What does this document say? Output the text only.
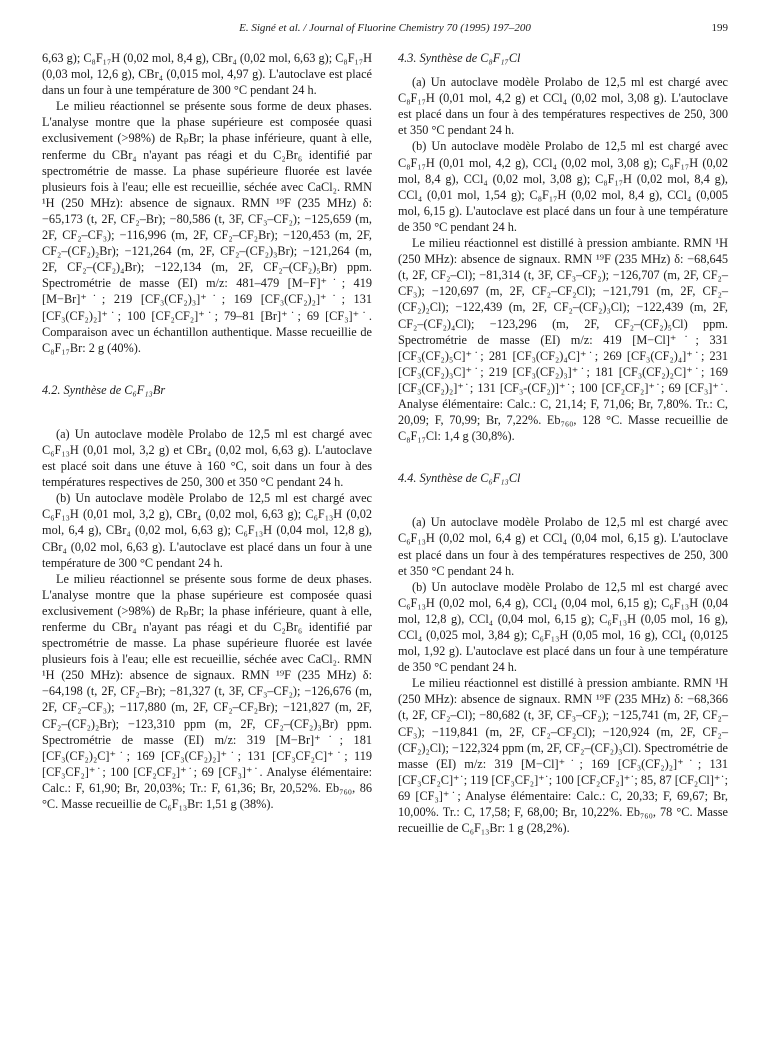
E. Signé et al. / Journal of Fluorine Chemistry 70 (1995) 197–200	199

6,63 g); C₈F₁₇H (0,02 mol, 8,4 g), CBr₄ (0,02 mol, 6,63 g); C₈F₁₇H (0,03 mol, 12,6 g), CBr₄ (0,015 mol, 4,97 g). L'autoclave est placé dans un four à une température de 300 °C pendant 24 h.

Le milieu réactionnel se présente sous forme de deux phases. L'analyse montre que la phase supérieure est composée quasi exclusivement (>98%) de RₚBr; la phase inférieure, quant à elle, renferme du CBr₄ n'ayant pas réagi et du C₂Br₆ identifié par spectrométrie de masse. La phase supérieure fluorée est lavée plusieurs fois à l'eau; elle est recueillie, séchée avec CaCl₂. RMN ¹H (250 MHz): absence de signaux. RMN ¹⁹F (235 MHz) δ: −65,173 (t, 2F, CF₂–Br); −80,586 (t, 3F, CF₃–CF₂); −125,659 (m, 2F, CF₂–CF₃); −116,996 (m, 2F, CF₂–CF₂Br); −120,453 (m, 2F, CF₂–(CF₂)₂Br); −121,264 (m, 2F, CF₂–(CF₂)₃Br); −121,264 (m, 2F, CF₂–(CF₂)₄Br); −122,134 (m, 2F, CF₂–(CF₂)₅Br) ppm. Spectrométrie de masse (EI) m/z: 481–479 [M−F]⁺˙; 419 [M−Br]⁺˙; 219 [CF₃(CF₂)₃]⁺˙; 169 [CF₃(CF₂)₂]⁺˙; 131 [CF₃(CF₂)₂]⁺˙; 100 [CF₂CF₂]⁺˙; 79–81 [Br]⁺˙; 69 [CF₃]⁺˙. Comparaison avec un échantillon authentique. Masse recueillie de C₈F₁₇Br: 2 g (40%).

4.2. Synthèse de C₆F₁₃Br

(a) Un autoclave modèle Prolabo de 12,5 ml est chargé avec C₆F₁₃H (0,01 mol, 3,2 g) et CBr₄ (0,02 mol, 6,63 g). L'autoclave est placé soit dans une étuve à 160 °C, soit dans un four à des températures respectives de 250, 300 et 350 °C pendant 24 h.

(b) Un autoclave modèle Prolabo de 12,5 ml est chargé avec C₆F₁₃H (0,01 mol, 3,2 g), CBr₄ (0,02 mol, 6,63 g); C₆F₁₃H (0,02 mol, 6,4 g), CBr₄ (0,02 mol, 6,63 g); C₆F₁₃H (0,04 mol, 12,8 g), CBr₄ (0,02 mol, 6,63 g). L'autoclave est placé dans un four à une température de 300 °C pendant 24 h.

Le milieu réactionnel se présente sous forme de deux phases. L'analyse montre que la phase supérieure est composée quasi exclusivement (>98%) de RₚBr; la phase inférieure, quant à elle, renferme du CBr₄ n'ayant pas réagi et du C₂Br₆ identifié par spectrométrie de masse. La phase supérieure fluorée est lavée plusieurs fois à l'eau; elle est recueillie, séchée avec CaCl₂. RMN ¹H (250 MHz): absence de signaux. RMN ¹⁹F (235 MHz) δ: −64,198 (t, 2F, CF₂–Br); −81,327 (t, 3F, CF₃–CF₂); −126,676 (m, 2F, CF₂–CF₃); −117,880 (m, 2F, CF₂–CF₂Br); −121,827 (m, 2F, CF₂–(CF₂)₂Br); −123,310 ppm (m, 2F, CF₂–(CF₂)₃Br) ppm. Spectrométrie de masse (EI) m/z: 319 [M−Br]⁺˙; 181 [CF₃(CF₂)₂C]⁺˙; 169 [CF₃(CF₂)₂]⁺˙; 131 [CF₃CF₂C]⁺˙; 119 [CF₃CF₂]⁺˙; 100 [CF₂CF₂]⁺˙; 69 [CF₃]⁺˙. Analyse élémentaire: Calc.: F, 61,90; Br, 20,03%; Tr.: F, 61,36; Br, 20,52%. Eb₇₆₀, 86 °C. Masse recueillie de C₆F₁₃Br: 1,51 g (38%).

4.3. Synthèse de C₈F₁₇Cl

(a) Un autoclave modèle Prolabo de 12,5 ml est chargé avec C₈F₁₇H (0,01 mol, 4,2 g) et CCl₄ (0,02 mol, 3,08 g). L'autoclave est placé dans un four à des températures respectives de 250, 300 et 350 °C pendant 24 h.

(b) Un autoclave modèle Prolabo de 12,5 ml est chargé avec C₈F₁₇H (0,01 mol, 4,2 g), CCl₄ (0,02 mol, 3,08 g); C₈F₁₇H (0,02 mol, 8,4 g), CCl₄ (0,02 mol, 3,08 g); C₈F₁₇H (0,02 mol, 8,4 g), CCl₄ (0,01 mol, 1,54 g); C₈F₁₇H (0,02 mol, 8,4 g), CCl₄ (0,005 mol, 6,15 g). L'autoclave est placé dans un four à une température de 350 °C pendant 24 h.

Le milieu réactionnel est distillé à pression ambiante. RMN ¹H (250 MHz): absence de signaux. RMN ¹⁹F (235 MHz) δ: −68,645 (t, 2F, CF₂–Cl); −81,314 (t, 3F, CF₃–CF₂); −126,707 (m, 2F, CF₂–CF₃); −120,697 (m, 2F, CF₂–CF₂Cl); −121,791 (m, 2F, CF₂–(CF₂)₂Cl); −122,439 (m, 2F, CF₂–(CF₂)₃Cl); −122,439 (m, 2F, CF₂–(CF₂)₄Cl); −123,296 (m, 2F, CF₂–(CF₂)₅Cl) ppm. Spectrométrie de masse (EI) m/z: 419 [M−Cl]⁺˙; 331 [CF₃(CF₂)₅C]⁺˙; 281 [CF₃(CF₂)₄C]⁺˙; 269 [CF₃(CF₂)₄]⁺˙; 231 [CF₃(CF₂)₃C]⁺˙; 219 [CF₃(CF₂)₃]⁺˙; 181 [CF₃(CF₂)₂C]⁺˙; 169 [CF₃(CF₂)₂]⁺˙; 131 [CF₃-(CF₂)]⁺˙; 100 [CF₂CF₂]⁺˙; 69 [CF₃]⁺˙. Analyse élémentaire: Calc.: C, 21,14; F, 71,06; Br, 7,80%. Tr.: C, 20,09; F, 70,99; Br, 7,22%. Eb₇₆₀, 128 °C. Masse recueillie de C₈F₁₇Cl: 1,4 g (30,8%).

4.4. Synthèse de C₆F₁₃Cl

(a) Un autoclave modèle Prolabo de 12,5 ml est chargé avec C₆F₁₃H (0,02 mol, 6,4 g) et CCl₄ (0,04 mol, 6,15 g). L'autoclave est placé dans un four à des températures respectives de 250, 300 et 350 °C pendant 24 h.

(b) Un autoclave modèle Prolabo de 12,5 ml est chargé avec C₆F₁₃H (0,02 mol, 6,4 g), CCl₄ (0,04 mol, 6,15 g); C₆F₁₃H (0,04 mol, 12,8 g), CCl₄ (0,04 mol, 6,15 g); C₆F₁₃H (0,05 mol, 16 g), CCl₄ (0,025 mol, 3,84 g); C₆F₁₃H (0,05 mol, 16 g), CCl₄ (0,0125 mol, 1,92 g). L'autoclave est placé dans un four à une température de 350 °C pendant 24 h.

Le milieu réactionnel est distillé à pression ambiante. RMN ¹H (250 MHz): absence de signaux. RMN ¹⁹F (235 MHz) δ: −68,366 (t, 2F, CF₂–Cl); −80,682 (t, 3F, CF₃–CF₂); −125,741 (m, 2F, CF₂–CF₃); −119,841 (m, 2F, CF₂–CF₂Cl); −120,924 (m, 2F, CF₂–(CF₂)₂Cl); −122,324 ppm (m, 2F, CF₂–(CF₂)₃Cl). Spectrométrie de masse (EI) m/z: 319 [M−Cl]⁺˙; 169 [CF₃(CF₂)₂]⁺˙; 131 [CF₃CF₂C]⁺˙; 119 [CF₃CF₂]⁺˙; 100 [CF₂CF₂]⁺˙; 85, 87 [CF₂Cl]⁺˙; 69 [CF₃]⁺˙; Analyse élémentaire: Calc.: C, 20,33; F, 69,67; Br, 10,00%. Tr.: C, 17,58; F, 68,00; Br, 10,22%. Eb₇₆₀, 78 °C. Masse recueillie de C₆F₁₃Br: 1 g (28,2%).
